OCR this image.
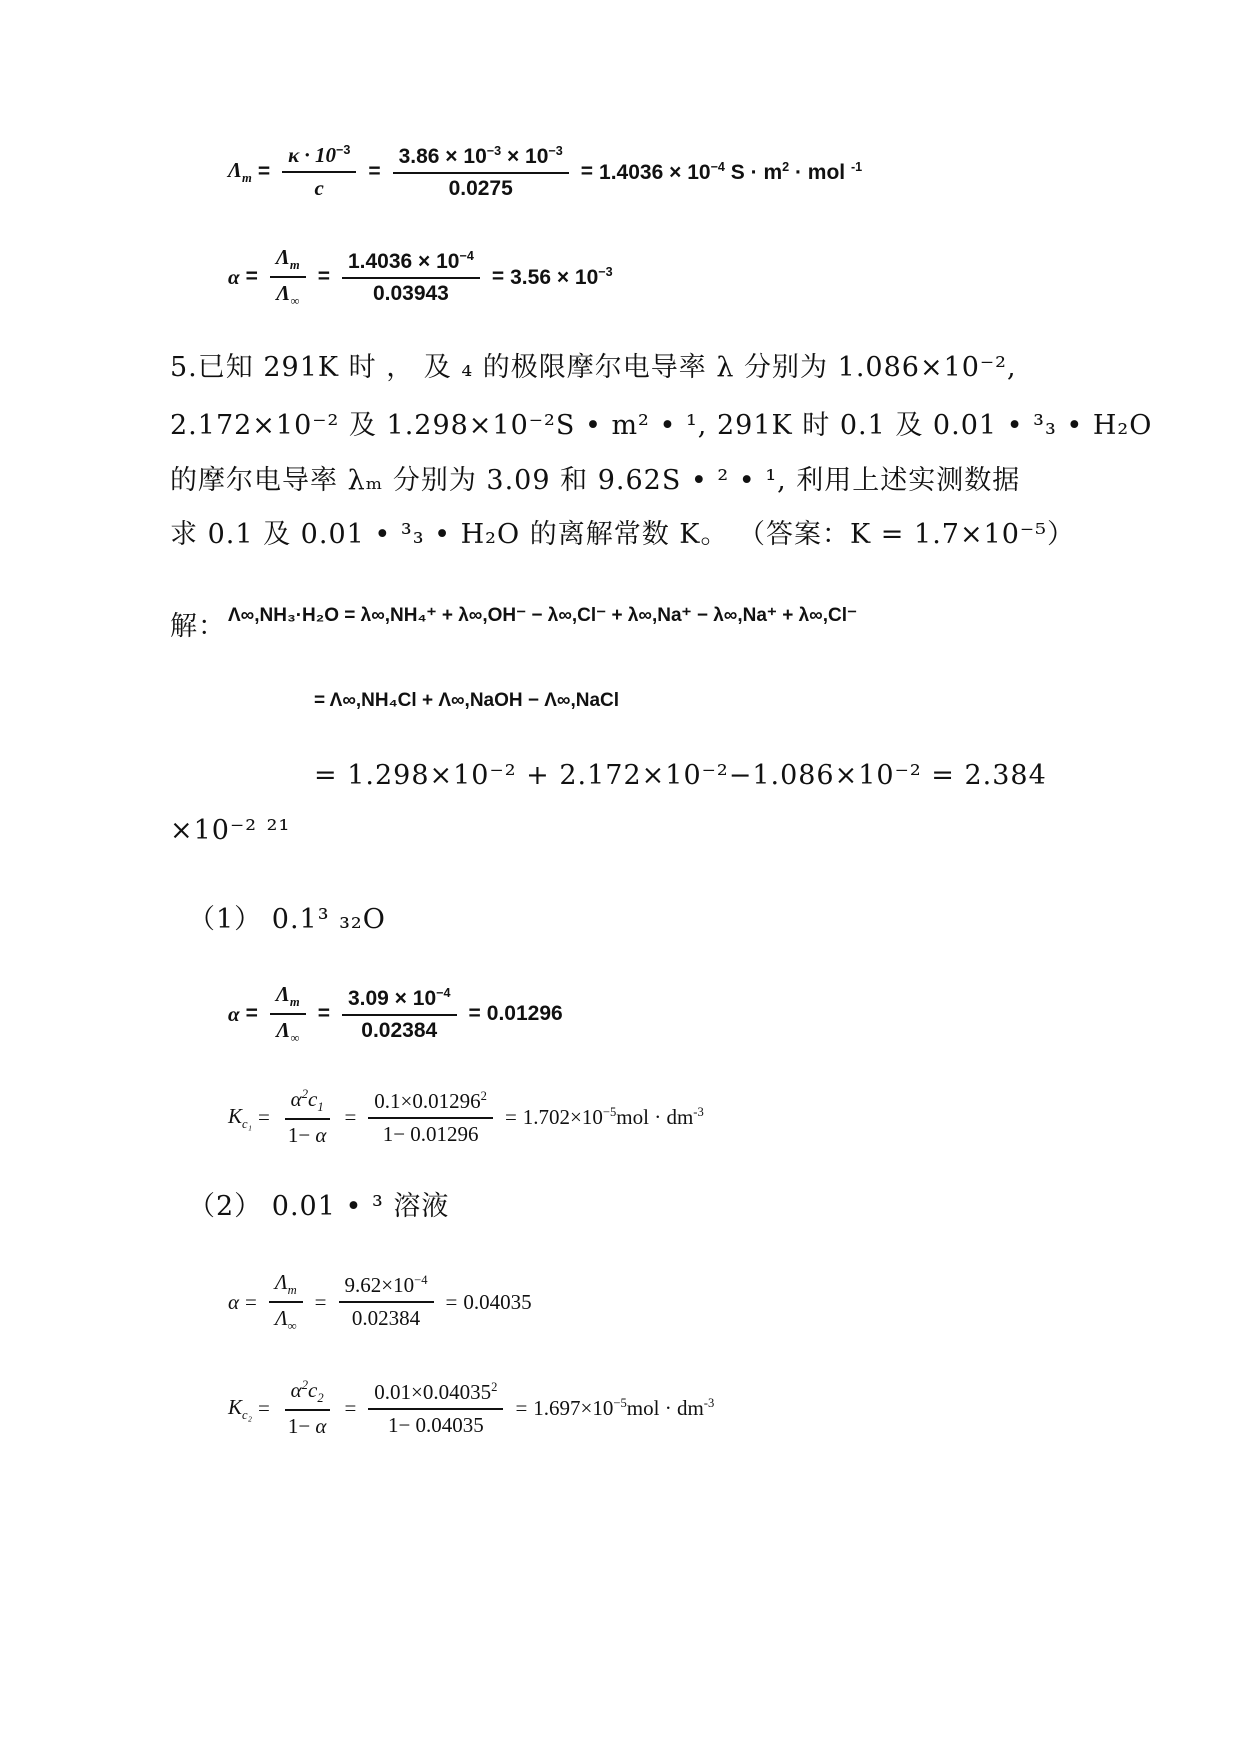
$\Lambda_m = \frac{\kappa \cdot 10^{-3}}{c} = \frac{3.86 \times 10^{-3} \times 10^{-3}}{0.0275} = 1.4036 \times 10^{-4}$ $S \cdot m^2$ · mol $^{-1}$
$\alpha = \frac{\Lambda_m}{\Lambda_\infty} = \frac{1.4036 \times 10^{-4}}{0.03943} = 3.56 \times 10^{-3}$
5.已知 291K 时 ， 及 ₄ 的极限摩尔电导率 λ 分别为 1.086×10⁻²,
2.172×10⁻² 及 1.298×10⁻²S • m² • ¹, 291K 时 0.1 及 0.01 • ³₃ • H₂O
的摩尔电导率 λₘ 分别为 3.09 和 9.62S • ² • ¹, 利用上述实测数据
求 0.1 及 0.01 • ³₃ • H₂O 的离解常数 K。 （答案：K = 1.7×10⁻⁵）
解： Λ∞,NH₃·H₂O = λ∞,NH₄⁺ + λ∞,OH⁻ − λ∞,Cl⁻ + λ∞,Na⁺ − λ∞,Na⁺ + λ∞,Cl⁻
= Λ∞,NH₄Cl + Λ∞,NaOH − Λ∞,NaCl
= 1.298×10⁻² + 2.172×10⁻²−1.086×10⁻² = 2.384
×10⁻² ²¹
（1） 0.1³ ₃₂O
$\alpha = \frac{\Lambda_m}{\Lambda_\infty} = \frac{3.09 \times 10^{-4}}{0.02384} = 0.01296$
$K_{c_1} = \frac{\alpha^2c_1}{1- \alpha} = \frac{0.1\times 0.01296^2}{1- 0.01296} = 1.702\times 10^{-5}mol \cdot dm^{-3}$
（2） 0.01 • ³ 溶液
$\alpha = \frac{\Lambda_m}{\Lambda_\infty} = \frac{9.62\times 10^{-4}}{0.02384} = 0.04035$
$K_{c_2} = \frac{\alpha^2c_2}{1- \alpha} = \frac{0.01\times 0.04035^2}{1- 0.04035} = 1.697\times 10^{-5}mol \cdot dm^{-3}$
